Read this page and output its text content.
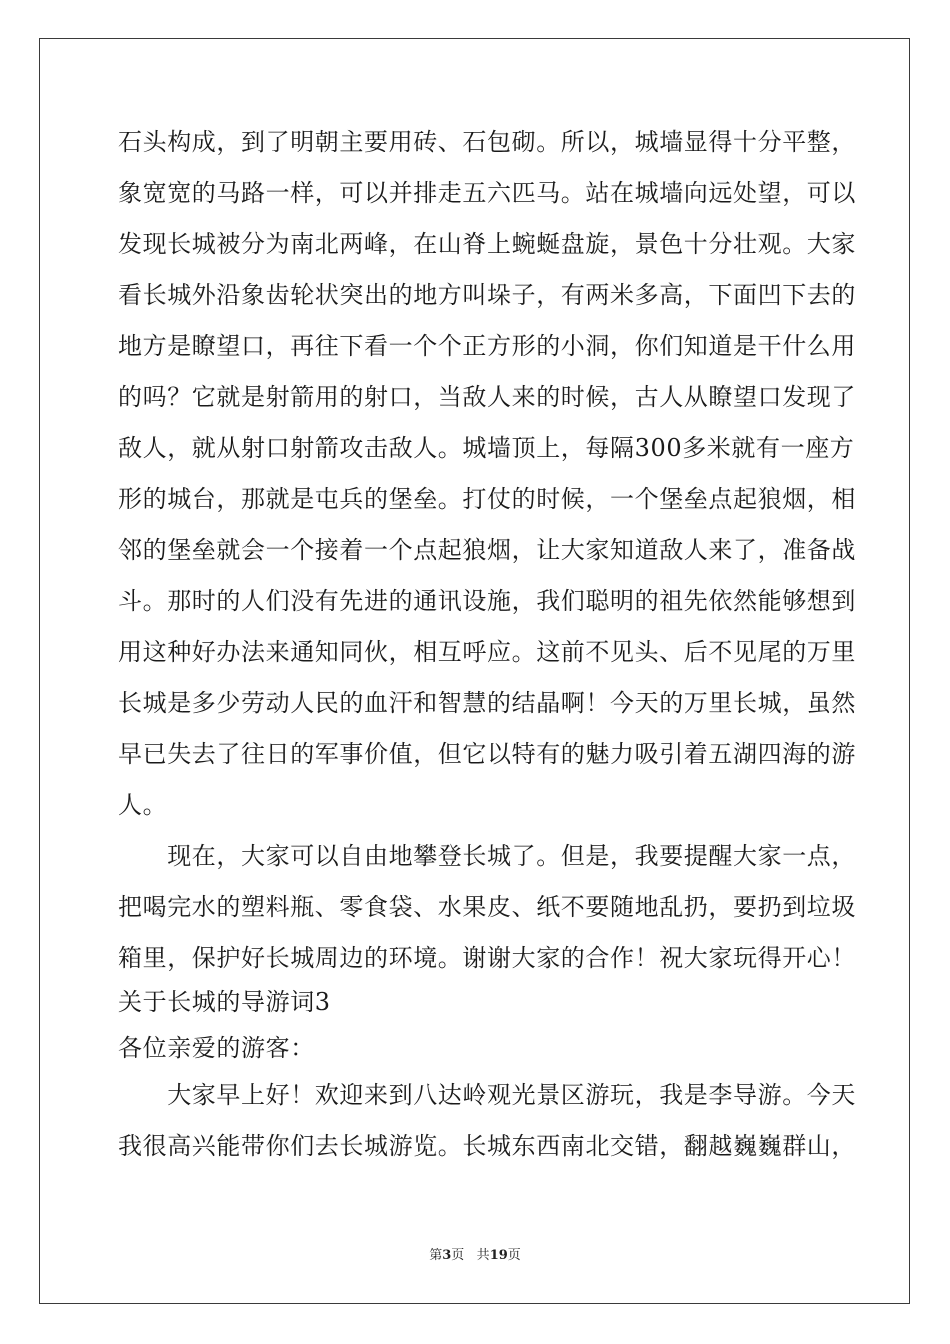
石头构成，到了明朝主要用砖、石包砌。所以，城墙显得十分平整，
象宽宽的马路一样，可以并排走五六匹马。站在城墙向远处望，可以
发现长城被分为南北两峰，在山脊上蜿蜒盘旋，景色十分壮观。大家
看长城外沿象齿轮状突出的地方叫垛子，有两米多高，下面凹下去的
地方是瞭望口，再往下看一个个正方形的小洞，你们知道是干什么用
的吗？它就是射箭用的射口，当敌人来的时候，古人从瞭望口发现了
敌人，就从射口射箭攻击敌人。城墙顶上，每隔300多米就有一座方
形的城台，那就是屯兵的堡垒。打仗的时候，一个堡垒点起狼烟，相
邻的堡垒就会一个接着一个点起狼烟，让大家知道敌人来了，准备战
斗。那时的人们没有先进的通讯设施，我们聪明的祖先依然能够想到
用这种好办法来通知同伙，相互呼应。这前不见头、后不见尾的万里
长城是多少劳动人民的血汗和智慧的结晶啊！今天的万里长城，虽然
早已失去了往日的军事价值，但它以特有的魅力吸引着五湖四海的游
人。
　　现在，大家可以自由地攀登长城了。但是，我要提醒大家一点，
把喝完水的塑料瓶、零食袋、水果皮、纸不要随地乱扔，要扔到垃圾
箱里，保护好长城周边的环境。谢谢大家的合作！祝大家玩得开心！
关于长城的导游词3
各位亲爱的游客：
　　大家早上好！欢迎来到八达岭观光景区游玩，我是李导游。今天
我很高兴能带你们去长城游览。长城东西南北交错，翻越巍巍群山，
第3页 共19页
